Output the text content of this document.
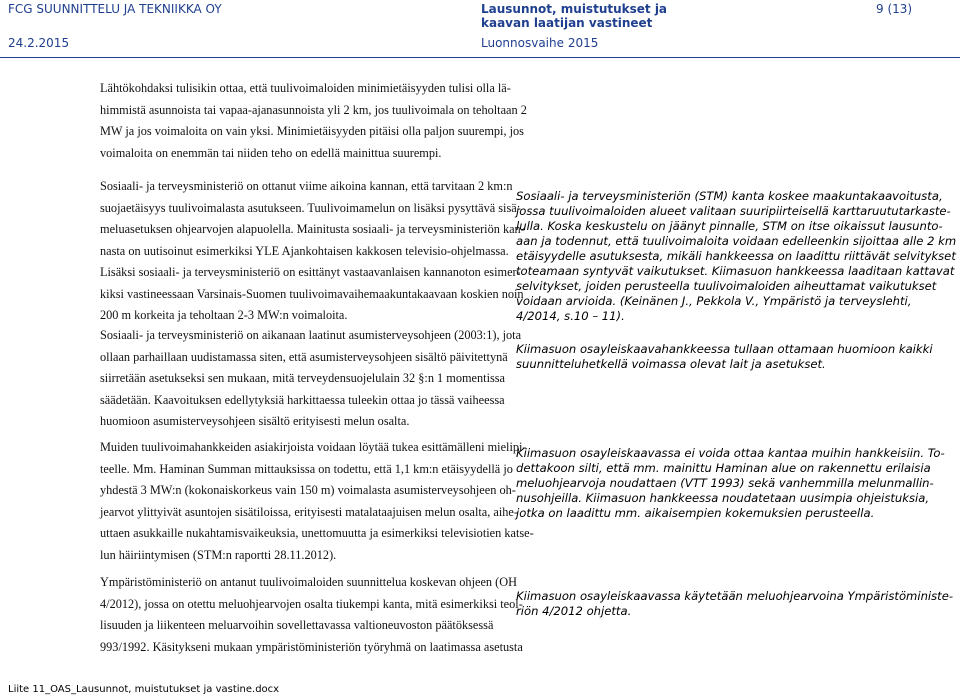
FCG SUUNNITTELU JA TEKNIIKKA OY
24.2.2015
Lausunnot, muistutukset ja
kaavan laatijan vastineet
Luonnosvaihe 2015
9 (13)
Lähtökohdaksi tulisikin ottaa, että tuulivoimaloiden minimietäisyyden tulisi olla lä-
himmistä asunnoista tai vapaa-ajanasunnoista yli 2 km, jos tuulivoimala on teholtaan 2
MW ja jos voimaloita on vain yksi. Minimietäisyyden pitäisi olla paljon suurempi, jos
voimaloita on enemmän tai niiden teho on edellä mainittua suurempi.
Sosiaali- ja terveysministeriö on ottanut viime aikoina kannan, että tarvitaan 2 km:n
suojaetäisyys tuulivoimalasta asutukseen. Tuulivoimamelun on lisäksi pysyttävä sisä-
meluasetuksen ohjearvojen alapuolella. Mainitusta sosiaali- ja terveysministeriön kan-
nasta on uutisoinut esimerkiksi YLE Ajankohtaisen kakkosen televisio-ohjelmassa.
Lisäksi sosiaali- ja terveysministeriö on esittänyt vastaavanlaisen kannanoton esimer-
kiksi vastineessaan Varsinais-Suomen tuulivoimavaihemaakuntakaavaan koskien noin
200 m korkeita ja teholtaan 2-3 MW:n voimaloita.
Sosiaali- ja terveysministeriön (STM) kanta koskee maakuntakaavoitusta,
jossa tuulivoimaloiden alueet valitaan suuripiirteisellä karttaruututarkaste-
lulla. Koska keskustelu on jäänyt pinnalle, STM on itse oikaissut lausunto-
aan ja todennut, että tuulivoimaloita voidaan edelleenkin sijoittaa alle 2 km
etäisyydelle asutuksesta, mikäli hankkeessa on laadittu riittävät selvitykset
toteamaan syntyvät vaikutukset. Kiimasuon hankkeessa laaditaan kattavat
selvitykset, joiden perusteella tuulivoimaloiden aiheuttamat vaikutukset
voidaan arvioida. (Keinänen J., Pekkola V., Ympäristö ja terveyslehti,
4/2014, s.10 – 11).
Sosiaali- ja terveysministeriö on aikanaan laatinut asumisterveysohjeen (2003:1), jota
ollaan parhaillaan uudistamassa siten, että asumisterveysohjeen sisältö päivitettynä
siirretään asetukseksi sen mukaan, mitä terveydensuojelulain 32 §:n 1 momentissa
säädetään. Kaavoituksen edellytyksiä harkittaessa tuleekin ottaa jo tässä vaiheessa
huomioon asumisterveysohjeen sisältö erityisesti melun osalta.
Kiimasuon osayleiskaavahankkeessa tullaan ottamaan huomioon kaikki
suunnitteluhetkellä voimassa olevat lait ja asetukset.
Muiden tuulivoimahankkeiden asiakirjoista voidaan löytää tukea esittämälleni mielipi-
teelle. Mm. Haminan Summan mittauksissa on todettu, että 1,1 km:n etäisyydellä jo
yhdestä 3 MW:n (kokonaiskorkeus vain 150 m) voimalasta asumisterveysohjeen oh-
jearvot ylittyivät asuntojen sisätiloissa, erityisesti matalataajuisen melun osalta, aihe-
uttaen asukkaille nukahtamisvaikeuksia, unettomuutta ja esimerkiksi televisiotien katse-
lun häiriintymisen (STM:n raportti 28.11.2012).
Kiimasuon osayleiskaavassa ei voida ottaa kantaa muihin hankkeisiin. To-
dettakoon silti, että mm. mainittu Haminan alue on rakennettu erilaisia
meluohjearvoja noudattaen (VTT 1993) sekä vanhemmilla melunmallin-
nusohjeilla. Kiimasuon hankkeessa noudatetaan uusimpia ohjeistuksia,
jotka on laadittu mm. aikaisempien kokemuksien perusteella.
Ympäristöministeriö on antanut tuulivoimaloiden suunnittelua koskevan ohjeen (OH
4/2012), jossa on otettu meluohjearvojen osalta tiukempi kanta, mitä esimerkiksi teol-
lisuuden ja liikenteen meluarvoihin sovellettavassa valtioneuvoston päätöksessä
993/1992. Käsitykseni mukaan ympäristöministeriön työryhmä on laatimassa asetusta
Kiimasuon osayleiskaavassa käytetään meluohjearvoina Ympäristöministe-
riön 4/2012 ohjetta.
Liite 11_OAS_Lausunnot, muistutukset ja vastine.docx
